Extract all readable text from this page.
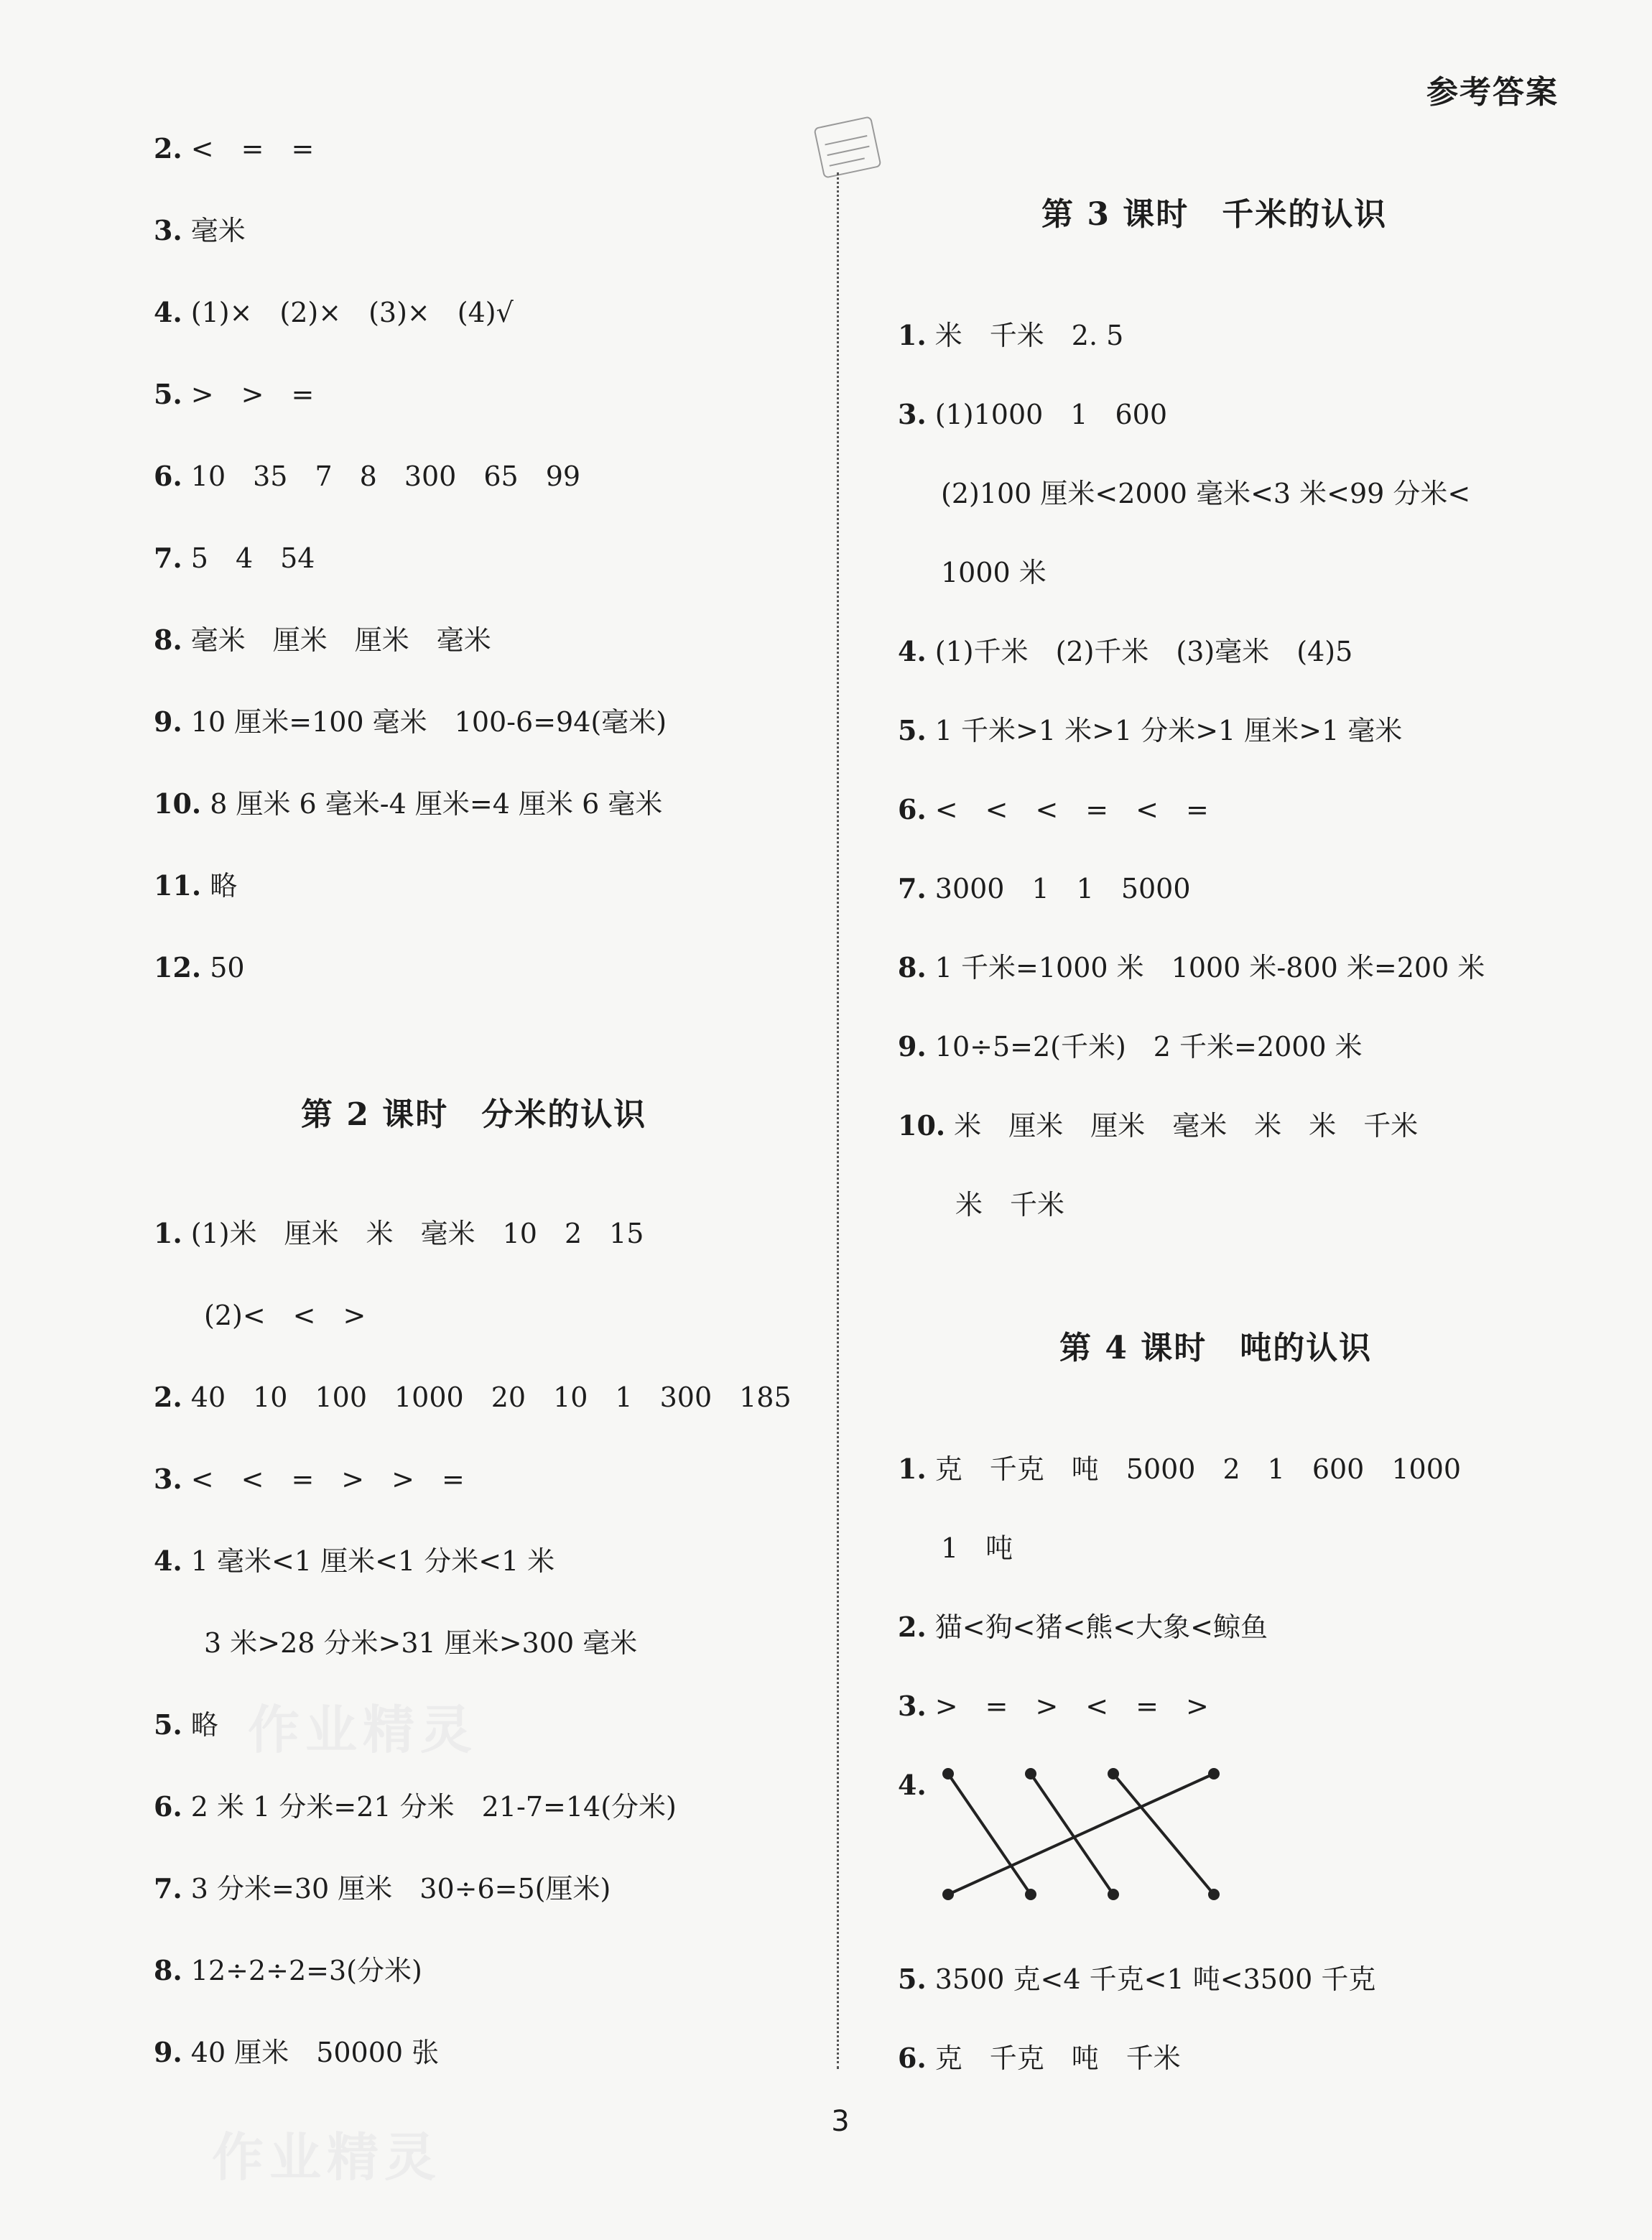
参考答案
2. <　=　=
3. 毫米
4. (1)×　(2)×　(3)×　(4)√
5. >　>　=
6. 10　35　7　8　300　65　99
7. 5　4　54
8. 毫米　厘米　厘米　毫米
9. 10 厘米=100 毫米　100-6=94(毫米)
10. 8 厘米 6 毫米-4 厘米=4 厘米 6 毫米
11. 略
12. 50
第 2 课时　分米的认识
1. (1)米　厘米　米　毫米　10　2　15
(2)<　<　>
2. 40　10　100　1000　20　10　1　300　185
3. <　<　=　>　>　=
4. 1 毫米<1 厘米<1 分米<1 米
3 米>28 分米>31 厘米>300 毫米
5. 略
6. 2 米 1 分米=21 分米　21-7=14(分米)
7. 3 分米=30 厘米　30÷6=5(厘米)
8. 12÷2÷2=3(分米)
9. 40 厘米　50000 张
第 3 课时　千米的认识
1. 米　千米　2. 5
3. (1)1000　1　600
(2)100 厘米<2000 毫米<3 米<99 分米<
1000 米
4. (1)千米　(2)千米　(3)毫米　(4)5
5. 1 千米>1 米>1 分米>1 厘米>1 毫米
6. <　<　<　=　<　=
7. 3000　1　1　5000
8. 1 千米=1000 米　1000 米-800 米=200 米
9. 10÷5=2(千米)　2 千米=2000 米
10. 米　厘米　厘米　毫米　米　米　千米
米　千米
第 4 课时　吨的认识
1. 克　千克　吨　5000　2　1　600　1000
1　吨
2. 猫<狗<猪<熊<大象<鲸鱼
3. >　=　>　<　=　>
4.
5. 3500 克<4 千克<1 吨<3500 千克
6. 克　千克　吨　千米
作业精灵
作业精灵
3
